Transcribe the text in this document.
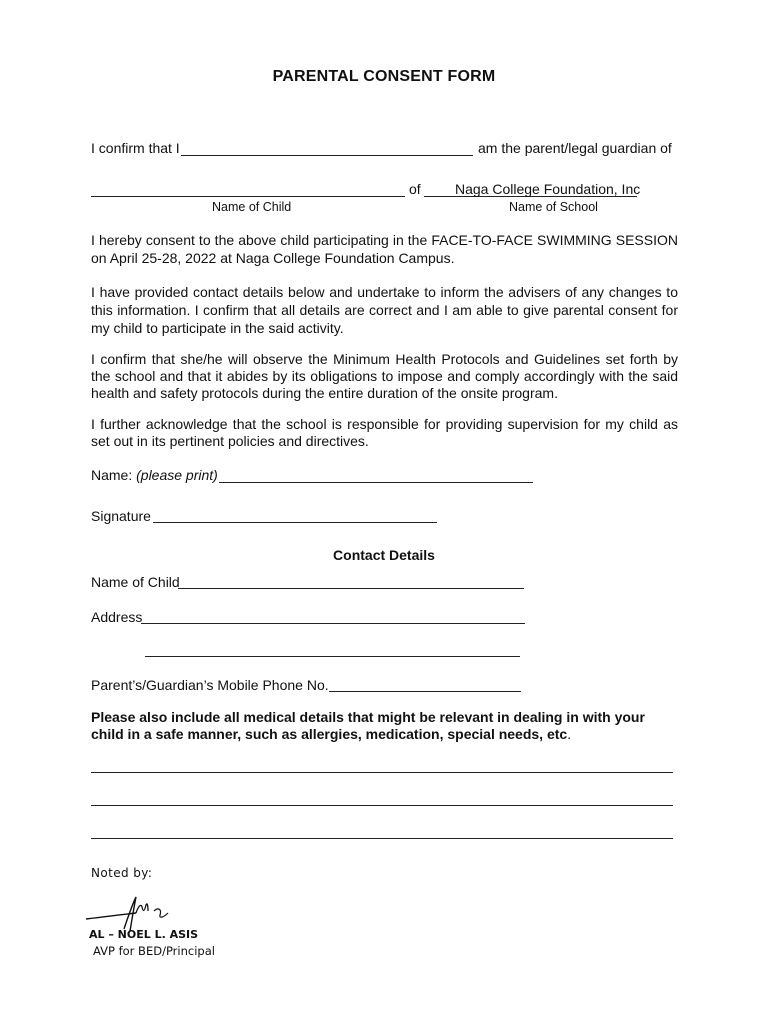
PARENTAL CONSENT FORM
I confirm that I	am the parent/legal guardian of
of Naga College Foundation, Inc
Name of Child	Name of School
I hereby consent to the above child participating in the FACE-TO-FACE SWIMMING SESSION on April 25-28, 2022 at Naga College Foundation Campus.
I have provided contact details below and undertake to inform the advisers of any changes to this information. I confirm that all details are correct and I am able to give parental consent for my child to participate in the said activity.
I confirm that she/he will observe the Minimum Health Protocols and Guidelines set forth by the school and that it abides by its obligations to impose and comply accordingly with the said health and safety protocols during the entire duration of the onsite program.
I further acknowledge that the school is responsible for providing supervision for my child as set out in its pertinent policies and directives.
Name: (please print)
Signature
Contact Details
Name of Child
Address
Parent’s/Guardian’s Mobile Phone No.
Please also include all medical details that might be relevant in dealing in with your child in a safe manner, such as allergies, medication, special needs, etc.
Noted by:
AL – NOEL L. ASIS
AVP for BED/Principal
